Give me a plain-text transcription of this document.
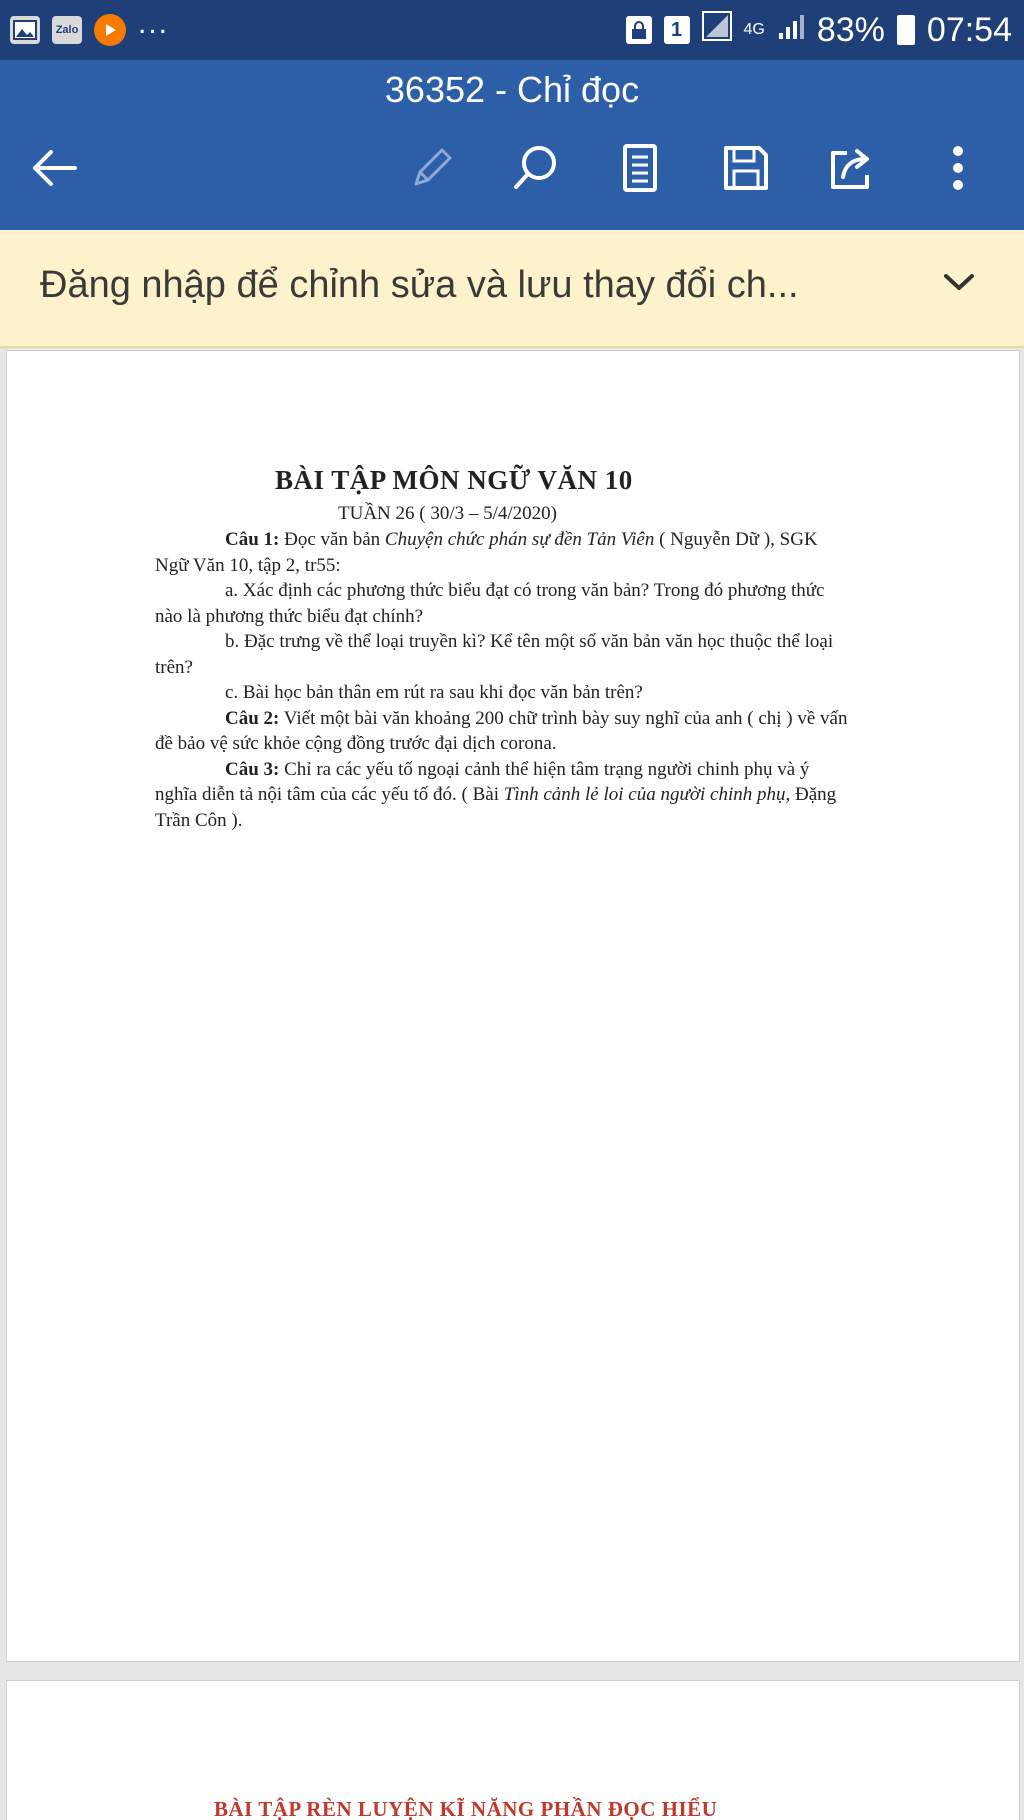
Zalo ...	1	4G 83% 07:54
36352 - Chỉ đọc
Đăng nhập để chỉnh sửa và lưu thay đổi ch...
BÀI TẬP MÔN NGỮ VĂN 10
TUẦN 26 ( 30/3 – 5/4/2020)

Câu 1: Đọc văn bản Chuyện chức phán sự đền Tản Viên ( Nguyễn Dữ ), SGK Ngữ Văn 10, tập 2, tr55:

a. Xác định các phương thức biểu đạt có trong văn bản? Trong đó phương thức nào là phương thức biểu đạt chính?

b. Đặc trưng về thể loại truyền kì? Kể tên một số văn bản văn học thuộc thể loại trên?

c. Bài học bản thân em rút ra sau khi đọc văn bản trên?

Câu 2: Viết một bài văn khoảng 200 chữ trình bày suy nghĩ của anh ( chị ) về vấn đề bảo vệ sức khỏe cộng đồng trước đại dịch corona.

Câu 3: Chỉ ra các yếu tố ngoại cảnh thể hiện tâm trạng người chinh phụ và ý nghĩa diễn tả nội tâm của các yếu tố đó. ( Bài Tình cảnh lẻ loi của người chinh phụ, Đặng Trần Côn ).

BÀI TẬP RÈN LUYỆN KĨ NĂNG PHẦN ĐỌC HIỂU
